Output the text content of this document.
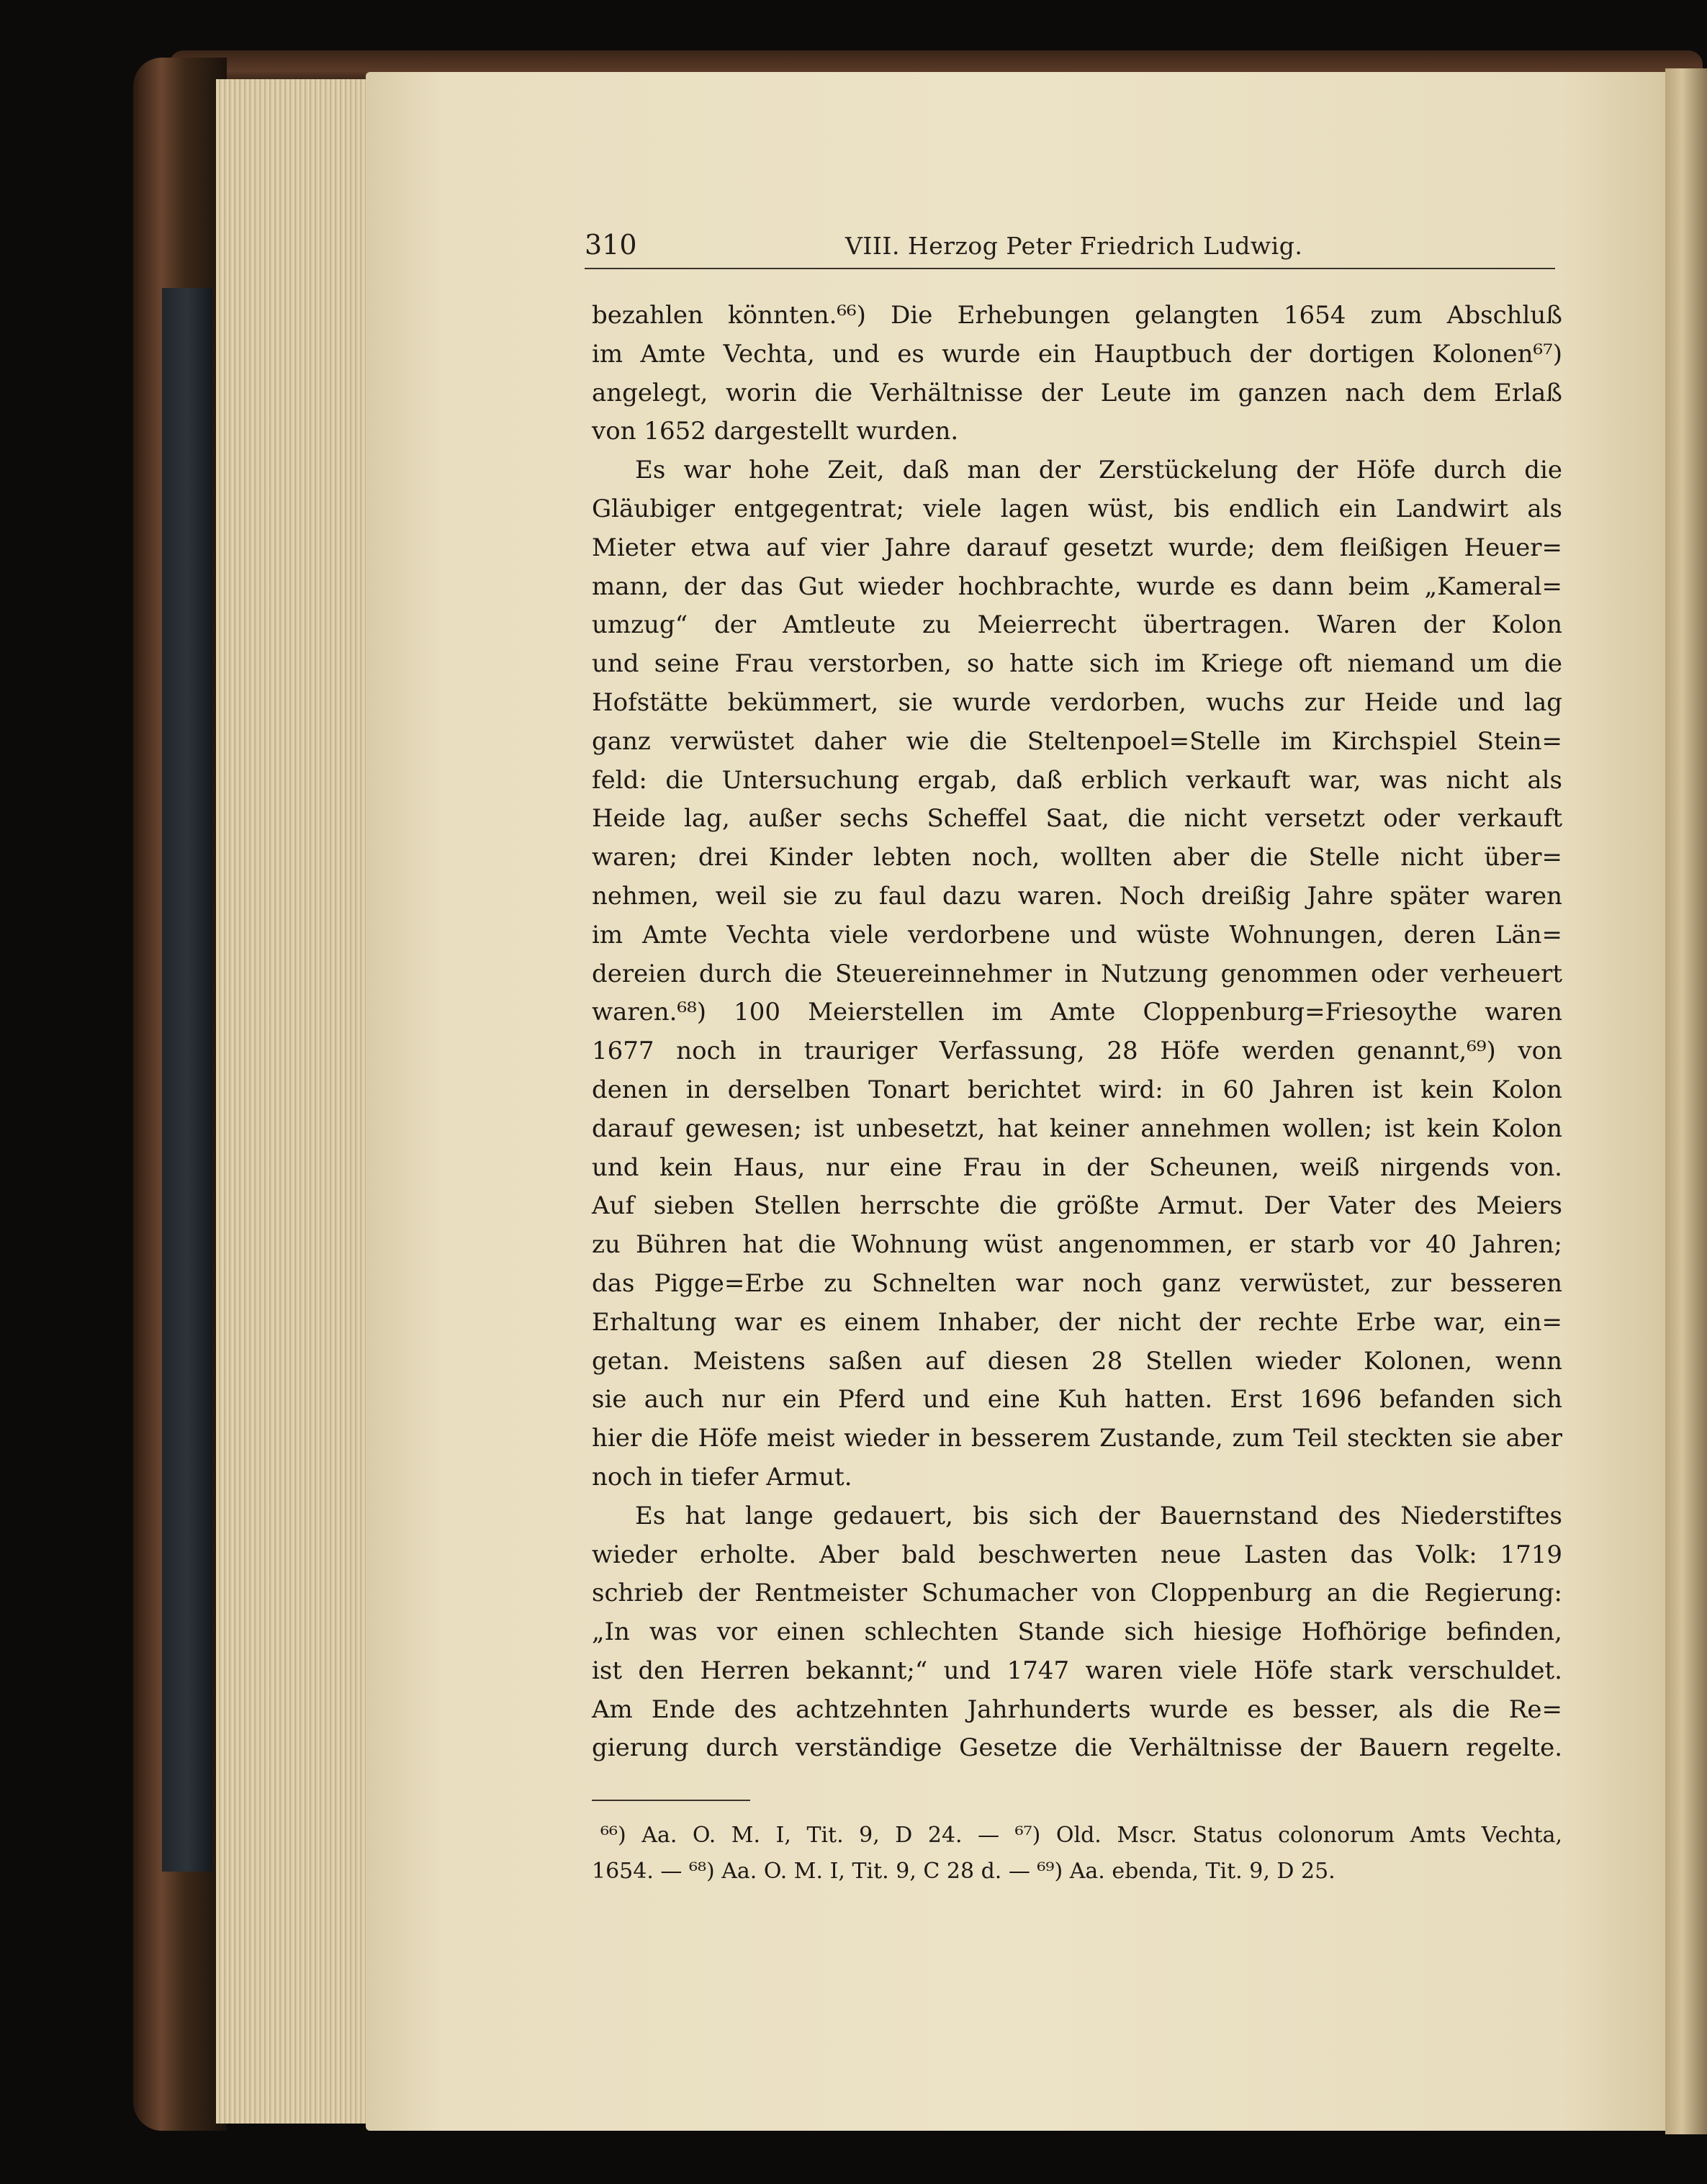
310	VIII. Herzog Peter Friedrich Ludwig.
bezahlen könnten.⁶⁶) Die Erhebungen gelangten 1654 zum Abschluß
im Amte Vechta, und es wurde ein Hauptbuch der dortigen Kolonen⁶⁷)
angelegt, worin die Verhältnisse der Leute im ganzen nach dem Erlaß
von 1652 dargestellt wurden.
Es war hohe Zeit, daß man der Zerstückelung der Höfe durch die
Gläubiger entgegentrat; viele lagen wüst, bis endlich ein Landwirt als
Mieter etwa auf vier Jahre darauf gesetzt wurde; dem fleißigen Heuer=
mann, der das Gut wieder hochbrachte, wurde es dann beim „Kameral=
umzug“ der Amtleute zu Meierrecht übertragen. Waren der Kolon
und seine Frau verstorben, so hatte sich im Kriege oft niemand um die
Hofstätte bekümmert, sie wurde verdorben, wuchs zur Heide und lag
ganz verwüstet daher wie die Steltenpoel=Stelle im Kirchspiel Stein=
feld: die Untersuchung ergab, daß erblich verkauft war, was nicht als
Heide lag, außer sechs Scheffel Saat, die nicht versetzt oder verkauft
waren; drei Kinder lebten noch, wollten aber die Stelle nicht über=
nehmen, weil sie zu faul dazu waren. Noch dreißig Jahre später waren
im Amte Vechta viele verdorbene und wüste Wohnungen, deren Län=
dereien durch die Steuereinnehmer in Nutzung genommen oder verheuert
waren.⁶⁸) 100 Meierstellen im Amte Cloppenburg=Friesoythe waren
1677 noch in trauriger Verfassung, 28 Höfe werden genannt,⁶⁹) von
denen in derselben Tonart berichtet wird: in 60 Jahren ist kein Kolon
darauf gewesen; ist unbesetzt, hat keiner annehmen wollen; ist kein Kolon
und kein Haus, nur eine Frau in der Scheunen, weiß nirgends von.
Auf sieben Stellen herrschte die größte Armut. Der Vater des Meiers
zu Bühren hat die Wohnung wüst angenommen, er starb vor 40 Jahren;
das Pigge=Erbe zu Schnelten war noch ganz verwüstet, zur besseren
Erhaltung war es einem Inhaber, der nicht der rechte Erbe war, ein=
getan. Meistens saßen auf diesen 28 Stellen wieder Kolonen, wenn
sie auch nur ein Pferd und eine Kuh hatten. Erst 1696 befanden sich
hier die Höfe meist wieder in besserem Zustande, zum Teil steckten sie aber
noch in tiefer Armut.
Es hat lange gedauert, bis sich der Bauernstand des Niederstiftes
wieder erholte. Aber bald beschwerten neue Lasten das Volk: 1719
schrieb der Rentmeister Schumacher von Cloppenburg an die Regierung:
„In was vor einen schlechten Stande sich hiesige Hofhörige befinden,
ist den Herren bekannt;“ und 1747 waren viele Höfe stark verschuldet.
Am Ende des achtzehnten Jahrhunderts wurde es besser, als die Re=
gierung durch verständige Gesetze die Verhältnisse der Bauern regelte.
⁶⁶) Aa. O. M. I, Tit. 9, D 24. — ⁶⁷) Old. Mscr. Status colonorum Amts Vechta,
1654. — ⁶⁸) Aa. O. M. I, Tit. 9, C 28 d. — ⁶⁹) Aa. ebenda, Tit. 9, D 25.
